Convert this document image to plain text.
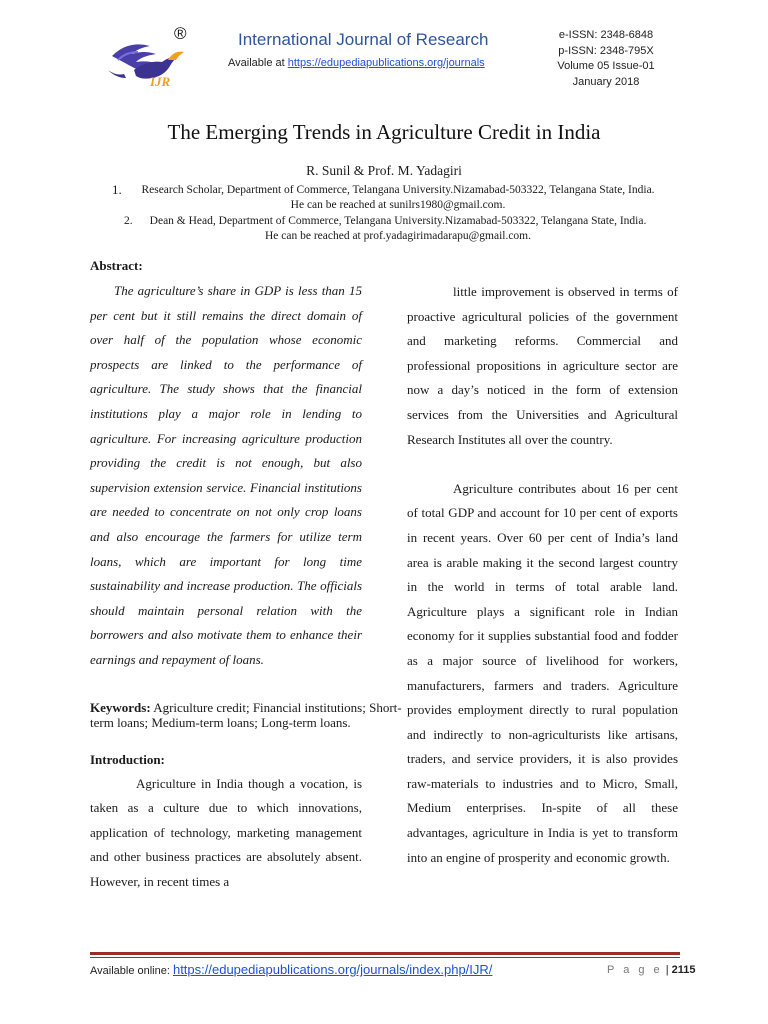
IJR
®	International Journal of Research
Available at https://edupediapublications.org/journals
e-ISSN: 2348-6848
p-ISSN: 2348-795X
Volume 05 Issue-01
January 2018
The Emerging Trends in Agriculture Credit in India
R. Sunil & Prof. M. Yadagiri
1.	Research Scholar, Department of Commerce, Telangana University.Nizamabad-503322, Telangana State, India.
He can be reached at sunilrs1980@gmail.com.
2.	Dean & Head, Department of Commerce, Telangana University.Nizamabad-503322, Telangana State, India.
He can be reached at prof.yadagirimadarapu@gmail.com.
Abstract:

The agriculture’s share in GDP is less than 15 per cent but it still remains the direct domain of over half of the population whose economic prospects are linked to the performance of agriculture. The study shows that the financial institutions play a major role in lending to agriculture. For increasing agriculture production providing the credit is not enough, but also supervision extension service. Financial institutions are needed to concentrate on not only crop loans and also encourage the farmers for utilize term loans, which are important for long time sustainability and increase production. The officials should maintain personal relation with the borrowers and also motivate them to enhance their earnings and repayment of loans.

Keywords: Agriculture credit; Financial institutions; Short-term loans; Medium-term loans; Long-term loans.
Introduction:

Agriculture in India though a vocation, is taken as a culture due to which innovations, application of technology, marketing management and other business practices are absolutely absent. However, in recent times a

little improvement is observed in terms of proactive agricultural policies of the government and marketing reforms. Commercial and professional propositions in agriculture sector are now a day’s noticed in the form of extension services from the Universities and Agricultural Research Institutes all over the country.

Agriculture contributes about 16 per cent of total GDP and account for 10 per cent of exports in recent years. Over 60 per cent of India’s land area is arable making it the second largest country in the world in terms of total arable land. Agriculture plays a significant role in Indian economy for it supplies substantial food and fodder as a major source of livelihood for workers, manufacturers, farmers and traders. Agriculture provides employment directly to rural population and indirectly to non-agriculturists like artisans, traders, and service providers, it is also provides raw-materials to industries and to Micro, Small, Medium enterprises. In-spite of all these advantages, agriculture in India is yet to transform into an engine of prosperity and economic growth.

Available online: https://edupediapublications.org/journals/index.php/IJR/	P a g e | 2115
